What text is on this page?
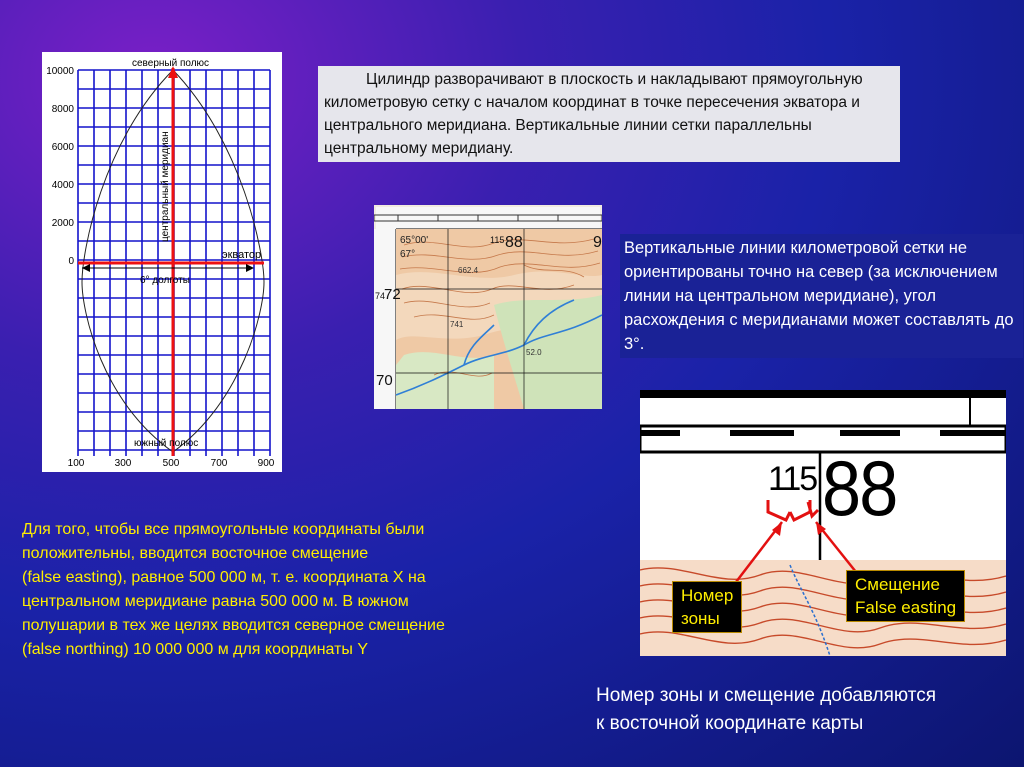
северный полюс
южный полюс
экватор
6° долготы
центральный меридиан
10000
8000
6000
4000
2000
0
100	300	500	700	900
Цилиндр разворачивают в плоскость и накладывают прямоугольную километровую сетку с началом координат в точке пересечения экватора и центрального меридиана. Вертикальные линии сетки параллельны центральному меридиану.
65°00'
67°
115 88	9
74
72
70
662.4
741
52.0
Вертикальные линии километровой сетки не ориентированы точно на север (за исключением линии на центральном меридиане), угол расхождения с меридианами может составлять до 3°.
115 88
Номер
зоны
Смещение
False easting
Для того, чтобы все прямоугольные координаты были
положительны, вводится восточное смещение
(false easting), равное 500 000 м, т. е. координата X на
центральном меридиане равна 500 000 м. В южном
полушарии в тех же целях вводится северное смещение
(false northing) 10 000 000 м для координаты Y
Номер зоны и смещение добавляются
к восточной координате карты
